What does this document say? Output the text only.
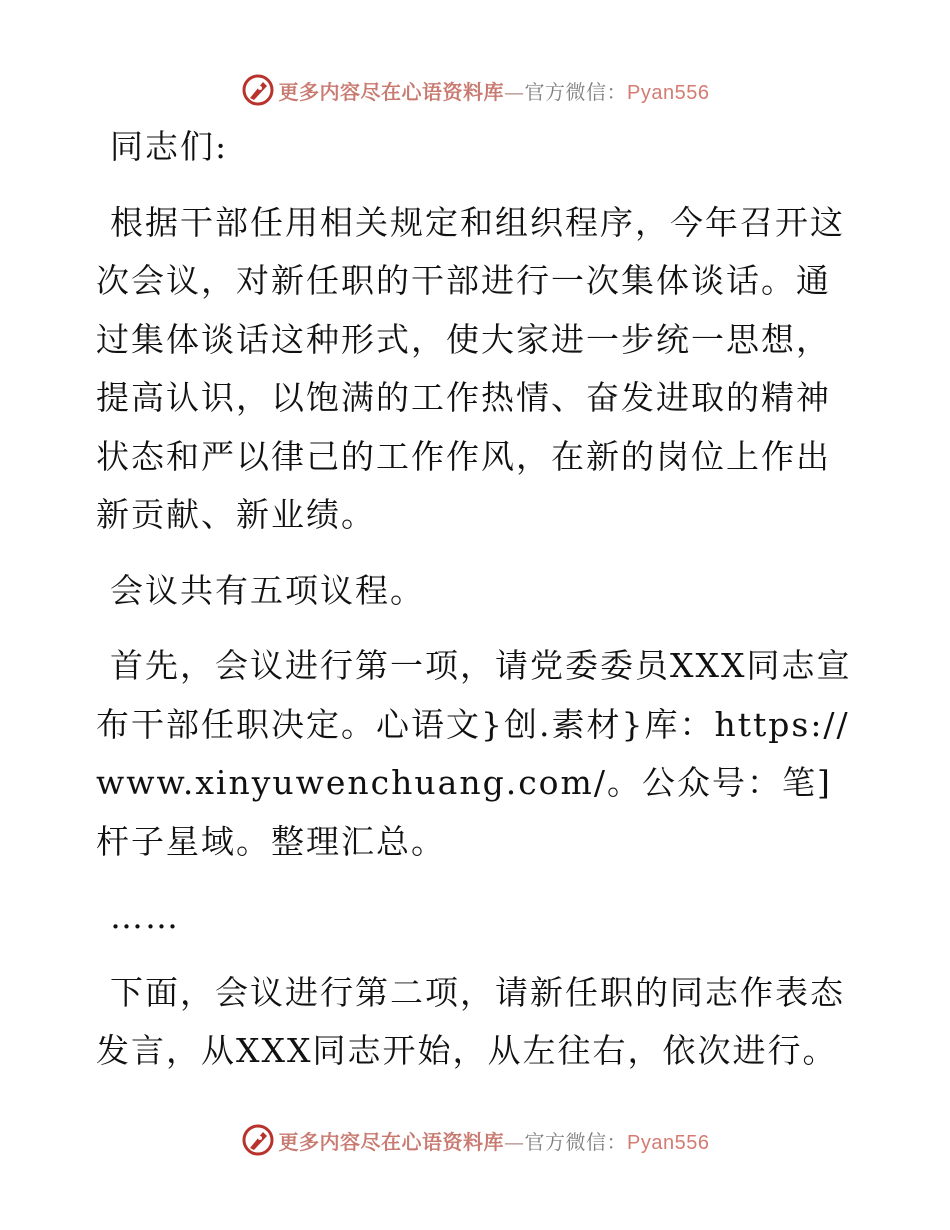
更多内容尽在心语资料库—官方微信：Pyan556

同志们:

根据干部任用相关规定和组织程序，今年召开这次会议，对新任职的干部进行一次集体谈话。通过集体谈话这种形式，使大家进一步统一思想，提高认识，以饱满的工作热情、奋发进取的精神状态和严以律己的工作作风，在新的岗位上作出新贡献、新业绩。

会议共有五项议程。

首先，会议进行第一项，请党委委员XXX同志宣布干部任职决定。心语文}创.素材}库：https://www.xinyuwenchuang.com/。公众号：笔]杆子星域。整理汇总。

……

下面，会议进行第二项，请新任职的同志作表态发言，从XXX同志开始，从左往右，依次进行。

更多内容尽在心语资料库—官方微信：Pyan556
